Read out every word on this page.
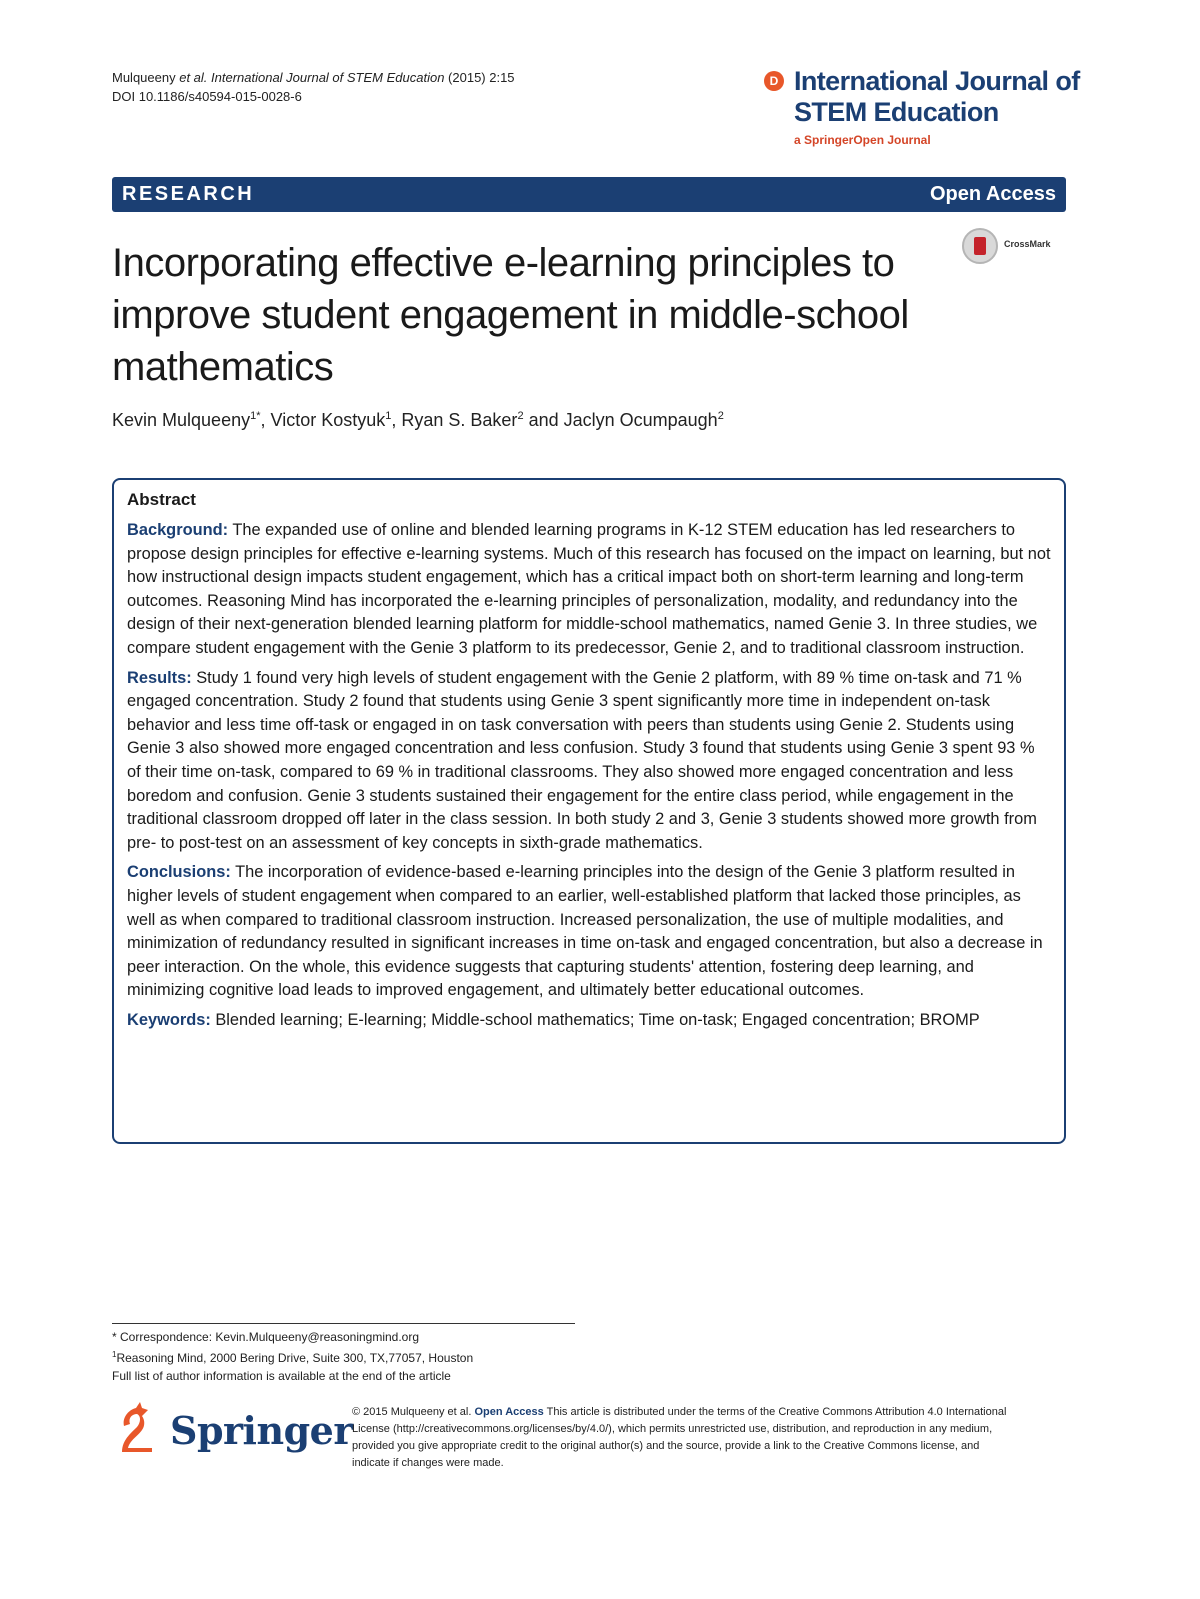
Mulqueeny et al. International Journal of STEM Education (2015) 2:15
DOI 10.1186/s40594-015-0028-6
D International Journal of
STEM Education
a SpringerOpen Journal
RESEARCH	Open Access
Incorporating effective e-learning principles to improve student engagement in middle-school mathematics
CrossMark
Kevin Mulqueeny$^{1*}$, Victor Kostyuk$^1$, Ryan S. Baker$^2$ and Jaclyn Ocumpaugh$^2$
Abstract

Background: The expanded use of online and blended learning programs in K-12 STEM education has led researchers to propose design principles for effective e-learning systems. Much of this research has focused on the impact on learning, but not how instructional design impacts student engagement, which has a critical impact both on short-term learning and long-term outcomes. Reasoning Mind has incorporated the e-learning principles of personalization, modality, and redundancy into the design of their next-generation blended learning platform for middle-school mathematics, named Genie 3. In three studies, we compare student engagement with the Genie 3 platform to its predecessor, Genie 2, and to traditional classroom instruction.

Results: Study 1 found very high levels of student engagement with the Genie 2 platform, with 89 % time on-task and 71 % engaged concentration. Study 2 found that students using Genie 3 spent significantly more time in independent on-task behavior and less time off-task or engaged in on task conversation with peers than students using Genie 2. Students using Genie 3 also showed more engaged concentration and less confusion. Study 3 found that students using Genie 3 spent 93 % of their time on-task, compared to 69 % in traditional classrooms. They also showed more engaged concentration and less boredom and confusion. Genie 3 students sustained their engagement for the entire class period, while engagement in the traditional classroom dropped off later in the class session. In both study 2 and 3, Genie 3 students showed more growth from pre- to post-test on an assessment of key concepts in sixth-grade mathematics.

Conclusions: The incorporation of evidence-based e-learning principles into the design of the Genie 3 platform resulted in higher levels of student engagement when compared to an earlier, well-established platform that lacked those principles, as well as when compared to traditional classroom instruction. Increased personalization, the use of multiple modalities, and minimization of redundancy resulted in significant increases in time on-task and engaged concentration, but also a decrease in peer interaction. On the whole, this evidence suggests that capturing students' attention, fostering deep learning, and minimizing cognitive load leads to improved engagement, and ultimately better educational outcomes.

Keywords: Blended learning; E-learning; Middle-school mathematics; Time on-task; Engaged concentration; BROMP

* Correspondence: Kevin.Mulqueeny@reasoningmind.org
$^1$Reasoning Mind, 2000 Bering Drive, Suite 300, TX,77057, Houston
Full list of author information is available at the end of the article
Springer © 2015 Mulqueeny et al. Open Access This article is distributed under the terms of the Creative Commons Attribution 4.0 International License (http://creativecommons.org/licenses/by/4.0/), which permits unrestricted use, distribution, and reproduction in any medium, provided you give appropriate credit to the original author(s) and the source, provide a link to the Creative Commons license, and indicate if changes were made.
